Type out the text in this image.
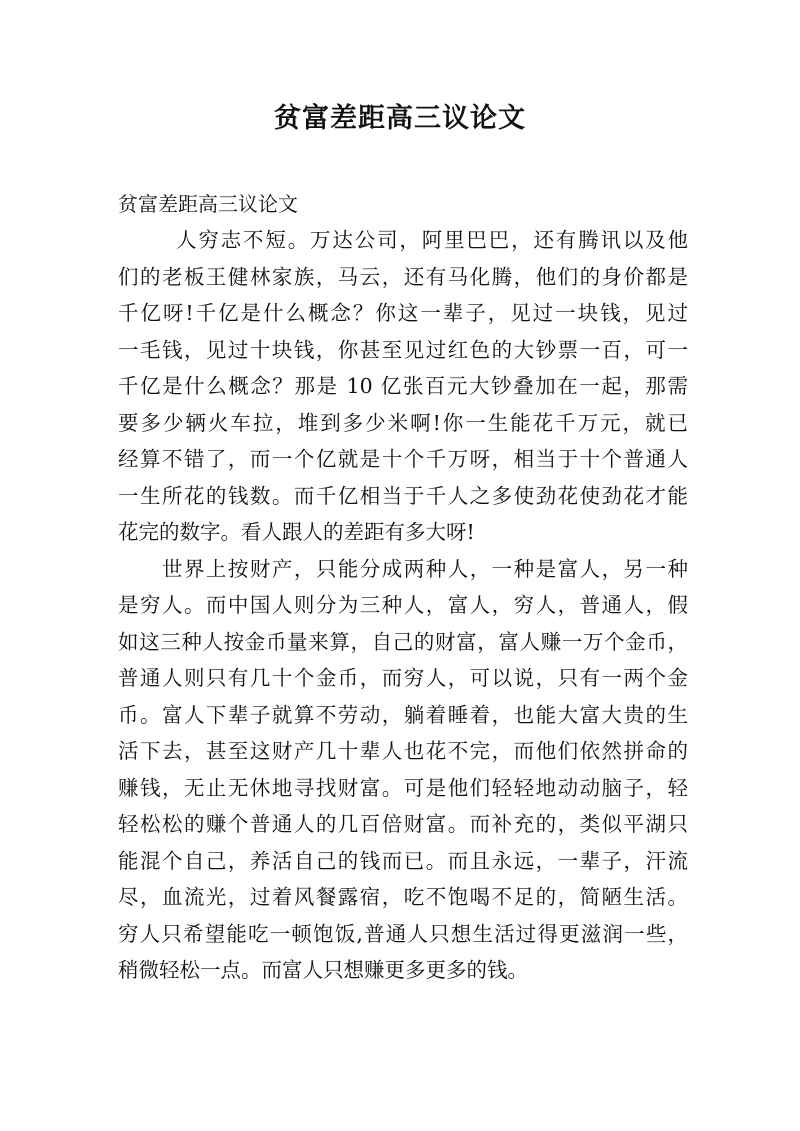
贫富差距高三议论文

贫富差距高三议论文

人穷志不短。万达公司，阿里巴巴，还有腾讯以及他
们的老板王健林家族，马云，还有马化腾，他们的身价都是
千亿呀!千亿是什么概念？你这一辈子，见过一块钱，见过
一毛钱，见过十块钱，你甚至见过红色的大钞票一百，可一
千亿是什么概念？那是 10 亿张百元大钞叠加在一起，那需
要多少辆火车拉，堆到多少米啊!你一生能花千万元，就已
经算不错了，而一个亿就是十个千万呀，相当于十个普通人
一生所花的钱数。而千亿相当于千人之多使劲花使劲花才能
花完的数字。看人跟人的差距有多大呀!
世界上按财产，只能分成两种人，一种是富人，另一种
是穷人。而中国人则分为三种人，富人，穷人，普通人，假
如这三种人按金币量来算，自己的财富，富人赚一万个金币，
普通人则只有几十个金币，而穷人，可以说，只有一两个金
币。富人下辈子就算不劳动，躺着睡着，也能大富大贵的生
活下去，甚至这财产几十辈人也花不完，而他们依然拼命的
赚钱，无止无休地寻找财富。可是他们轻轻地动动脑子，轻
轻松松的赚个普通人的几百倍财富。而补充的，类似平湖只
能混个自己，养活自己的钱而已。而且永远，一辈子，汗流
尽，血流光，过着风餐露宿，吃不饱喝不足的，简陋生活。
穷人只希望能吃一顿饱饭,普通人只想生活过得更滋润一些，
稍微轻松一点。而富人只想赚更多更多的钱。
